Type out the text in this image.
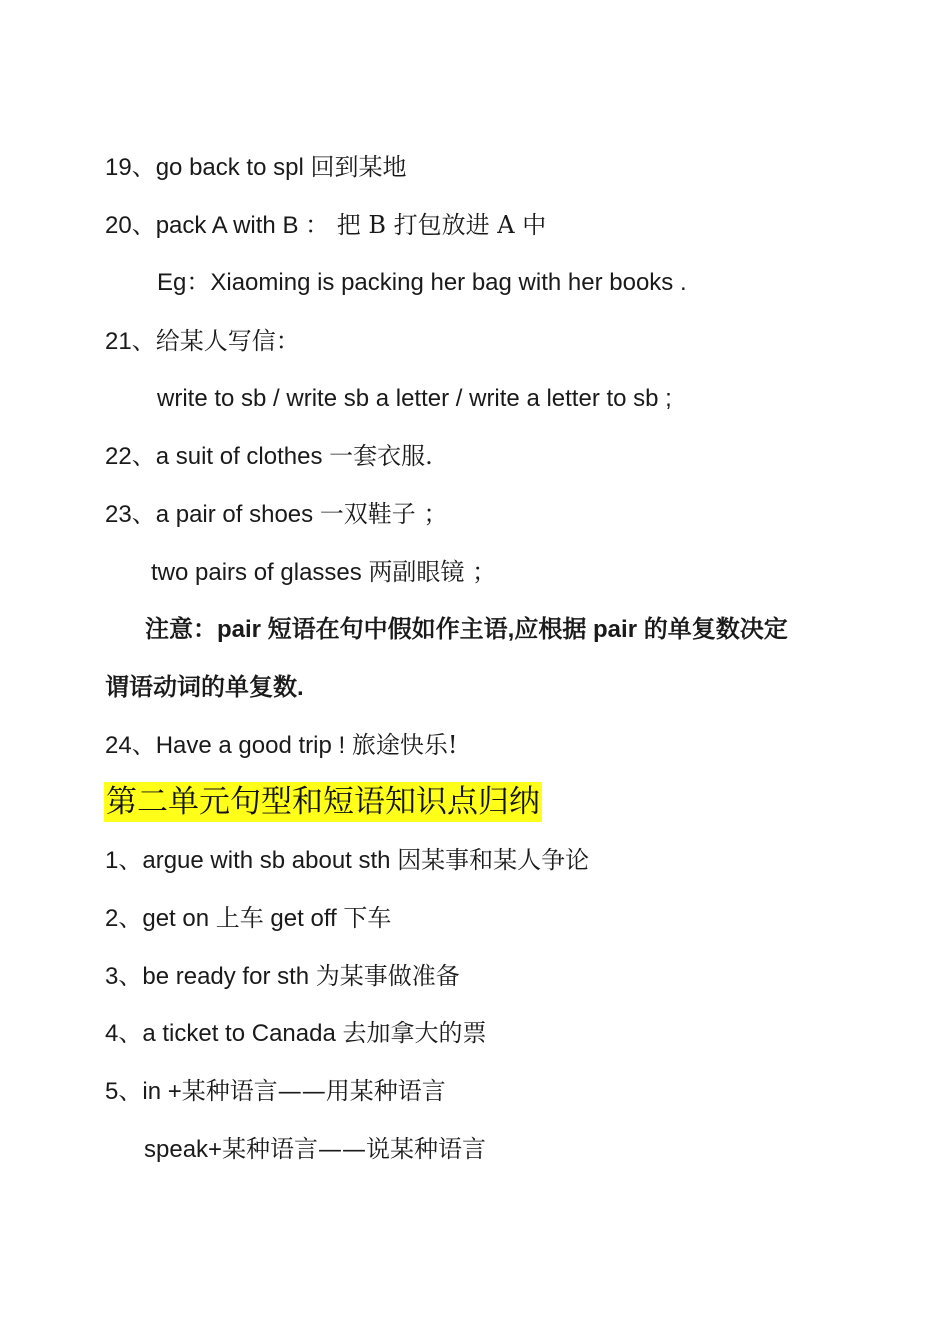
19、go back to spl 回到某地
20、pack A with B ： 把 B 打包放进 A 中
Eg：Xiaoming is packing her bag with her books .
21、给某人写信：
write to sb / write sb a letter / write a letter to sb ;
22、a suit of clothes 一套衣服.
23、a pair of shoes 一双鞋子 ；
two pairs of glasses 两副眼镜 ；
注意：pair 短语在句中假如作主语,应根据 pair 的单复数决定
谓语动词的单复数.
24、Have a good trip ! 旅途快乐!
第二单元句型和短语知识点归纳
1、argue with sb about sth 因某事和某人争论
2、get on 上车 get off 下车
3、be ready for sth 为某事做准备
4、a ticket to Canada 去加拿大的票
5、in +某种语言——用某种语言
speak+某种语言——说某种语言
